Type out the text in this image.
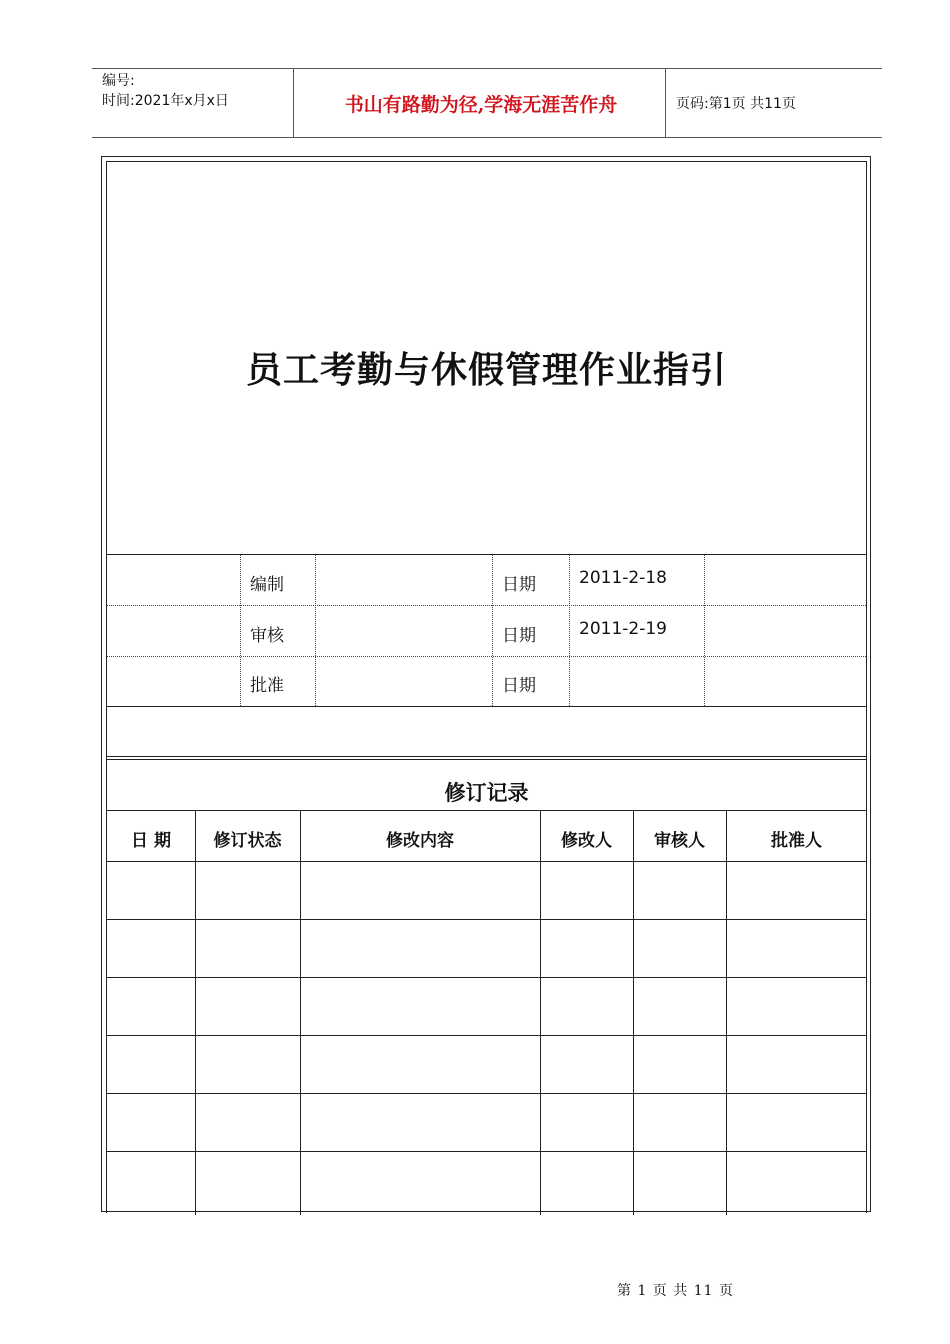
编号:
时间:2021年x月x日	书山有路勤为径,学海无涯苦作舟	页码:第1页 共11页
员工考勤与休假管理作业指引
编制	日期	2011-2-18
审核	日期	2011-2-19
批准	日期
修订记录
日 期	修订状态	修改内容	修改人	审核人	批准人
第 1 页 共 11 页
